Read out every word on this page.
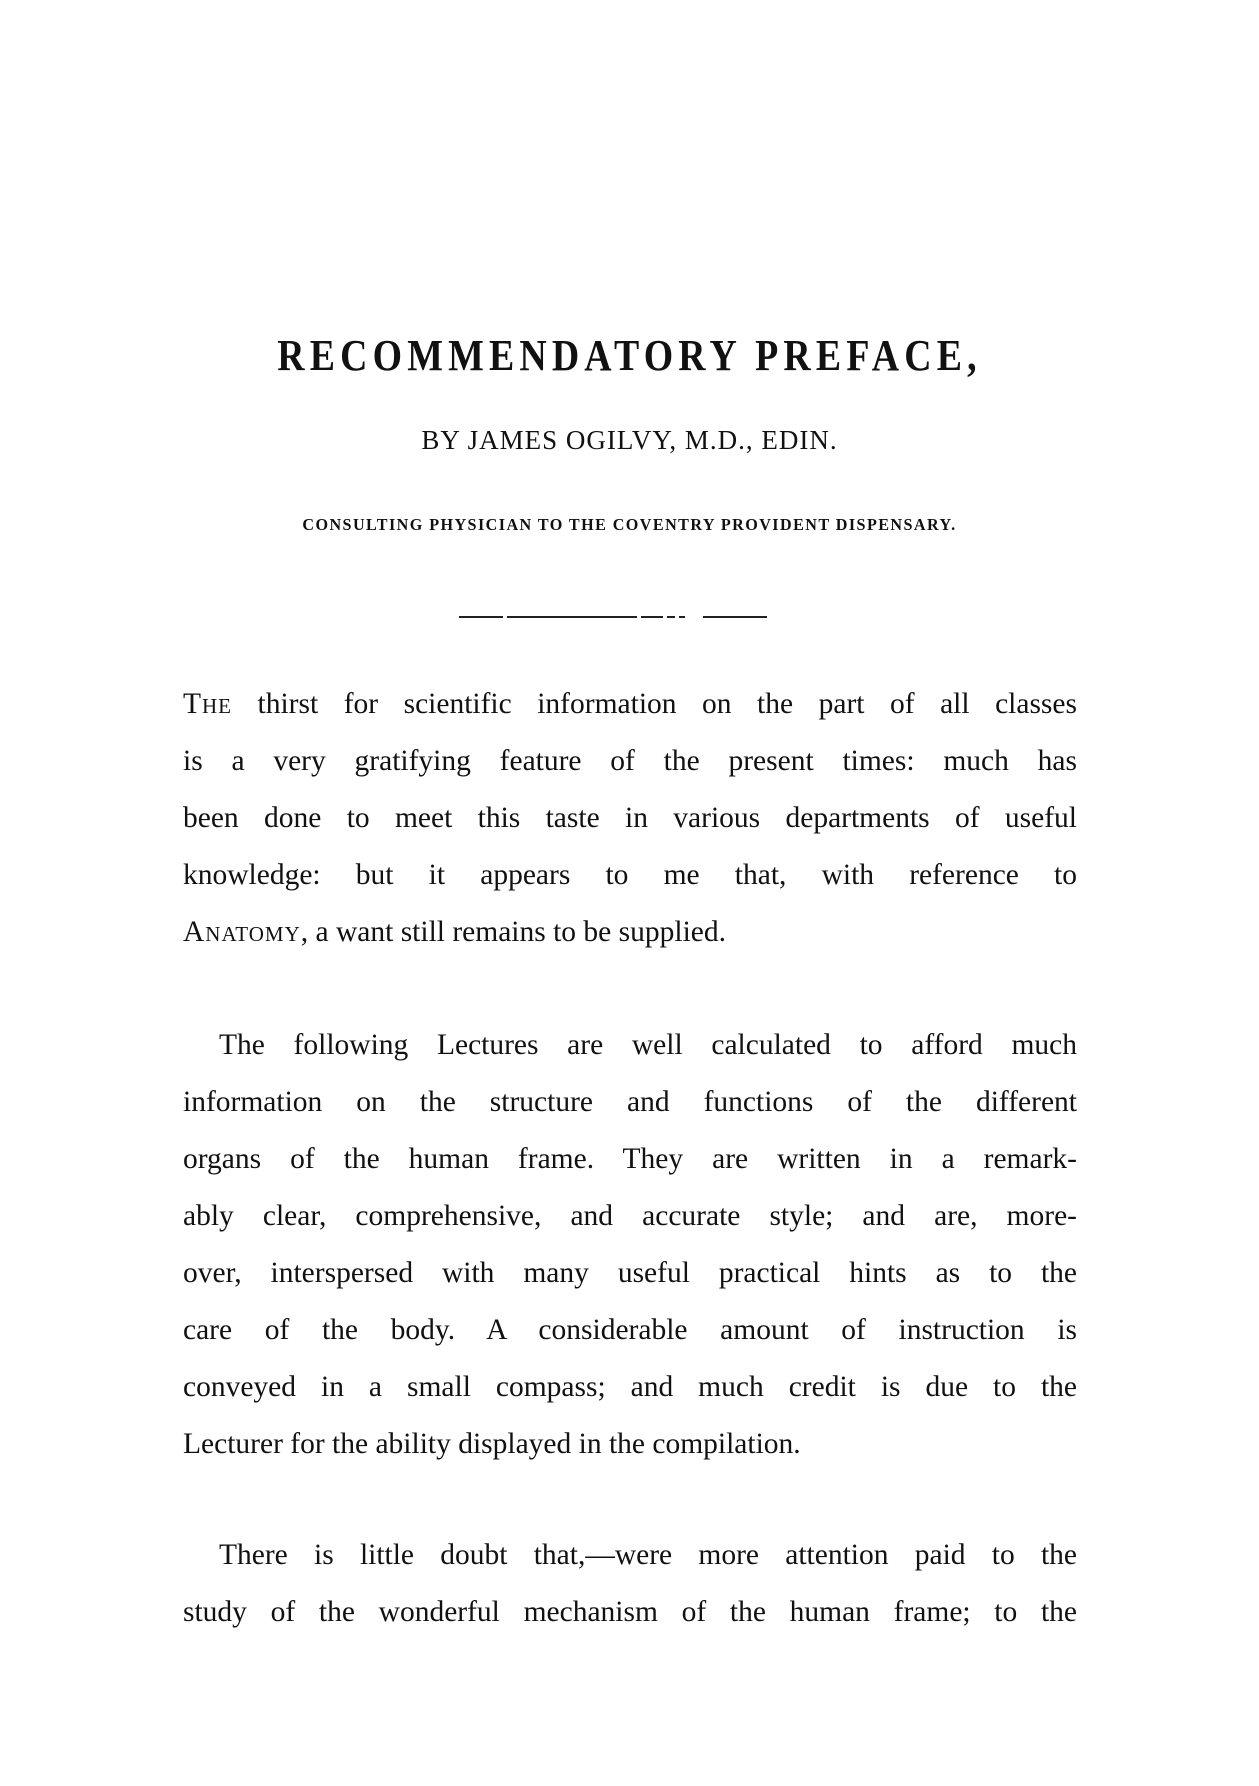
RECOMMENDATORY PREFACE,
BY JAMES OGILVY, M.D., EDIN.
CONSULTING PHYSICIAN TO THE COVENTRY PROVIDENT DISPENSARY.
The thirst for scientific information on the part of all classes
is a very gratifying feature of the present times: much has
been done to meet this taste in various departments of useful
knowledge: but it appears to me that, with reference to
Anatomy, a want still remains to be supplied.
The following Lectures are well calculated to afford much
information on the structure and functions of the different
organs of the human frame. They are written in a remark-
ably clear, comprehensive, and accurate style; and are, more-
over, interspersed with many useful practical hints as to the
care of the body. A considerable amount of instruction is
conveyed in a small compass; and much credit is due to the
Lecturer for the ability displayed in the compilation.
There is little doubt that,—were more attention paid to the
study of the wonderful mechanism of the human frame; to the
